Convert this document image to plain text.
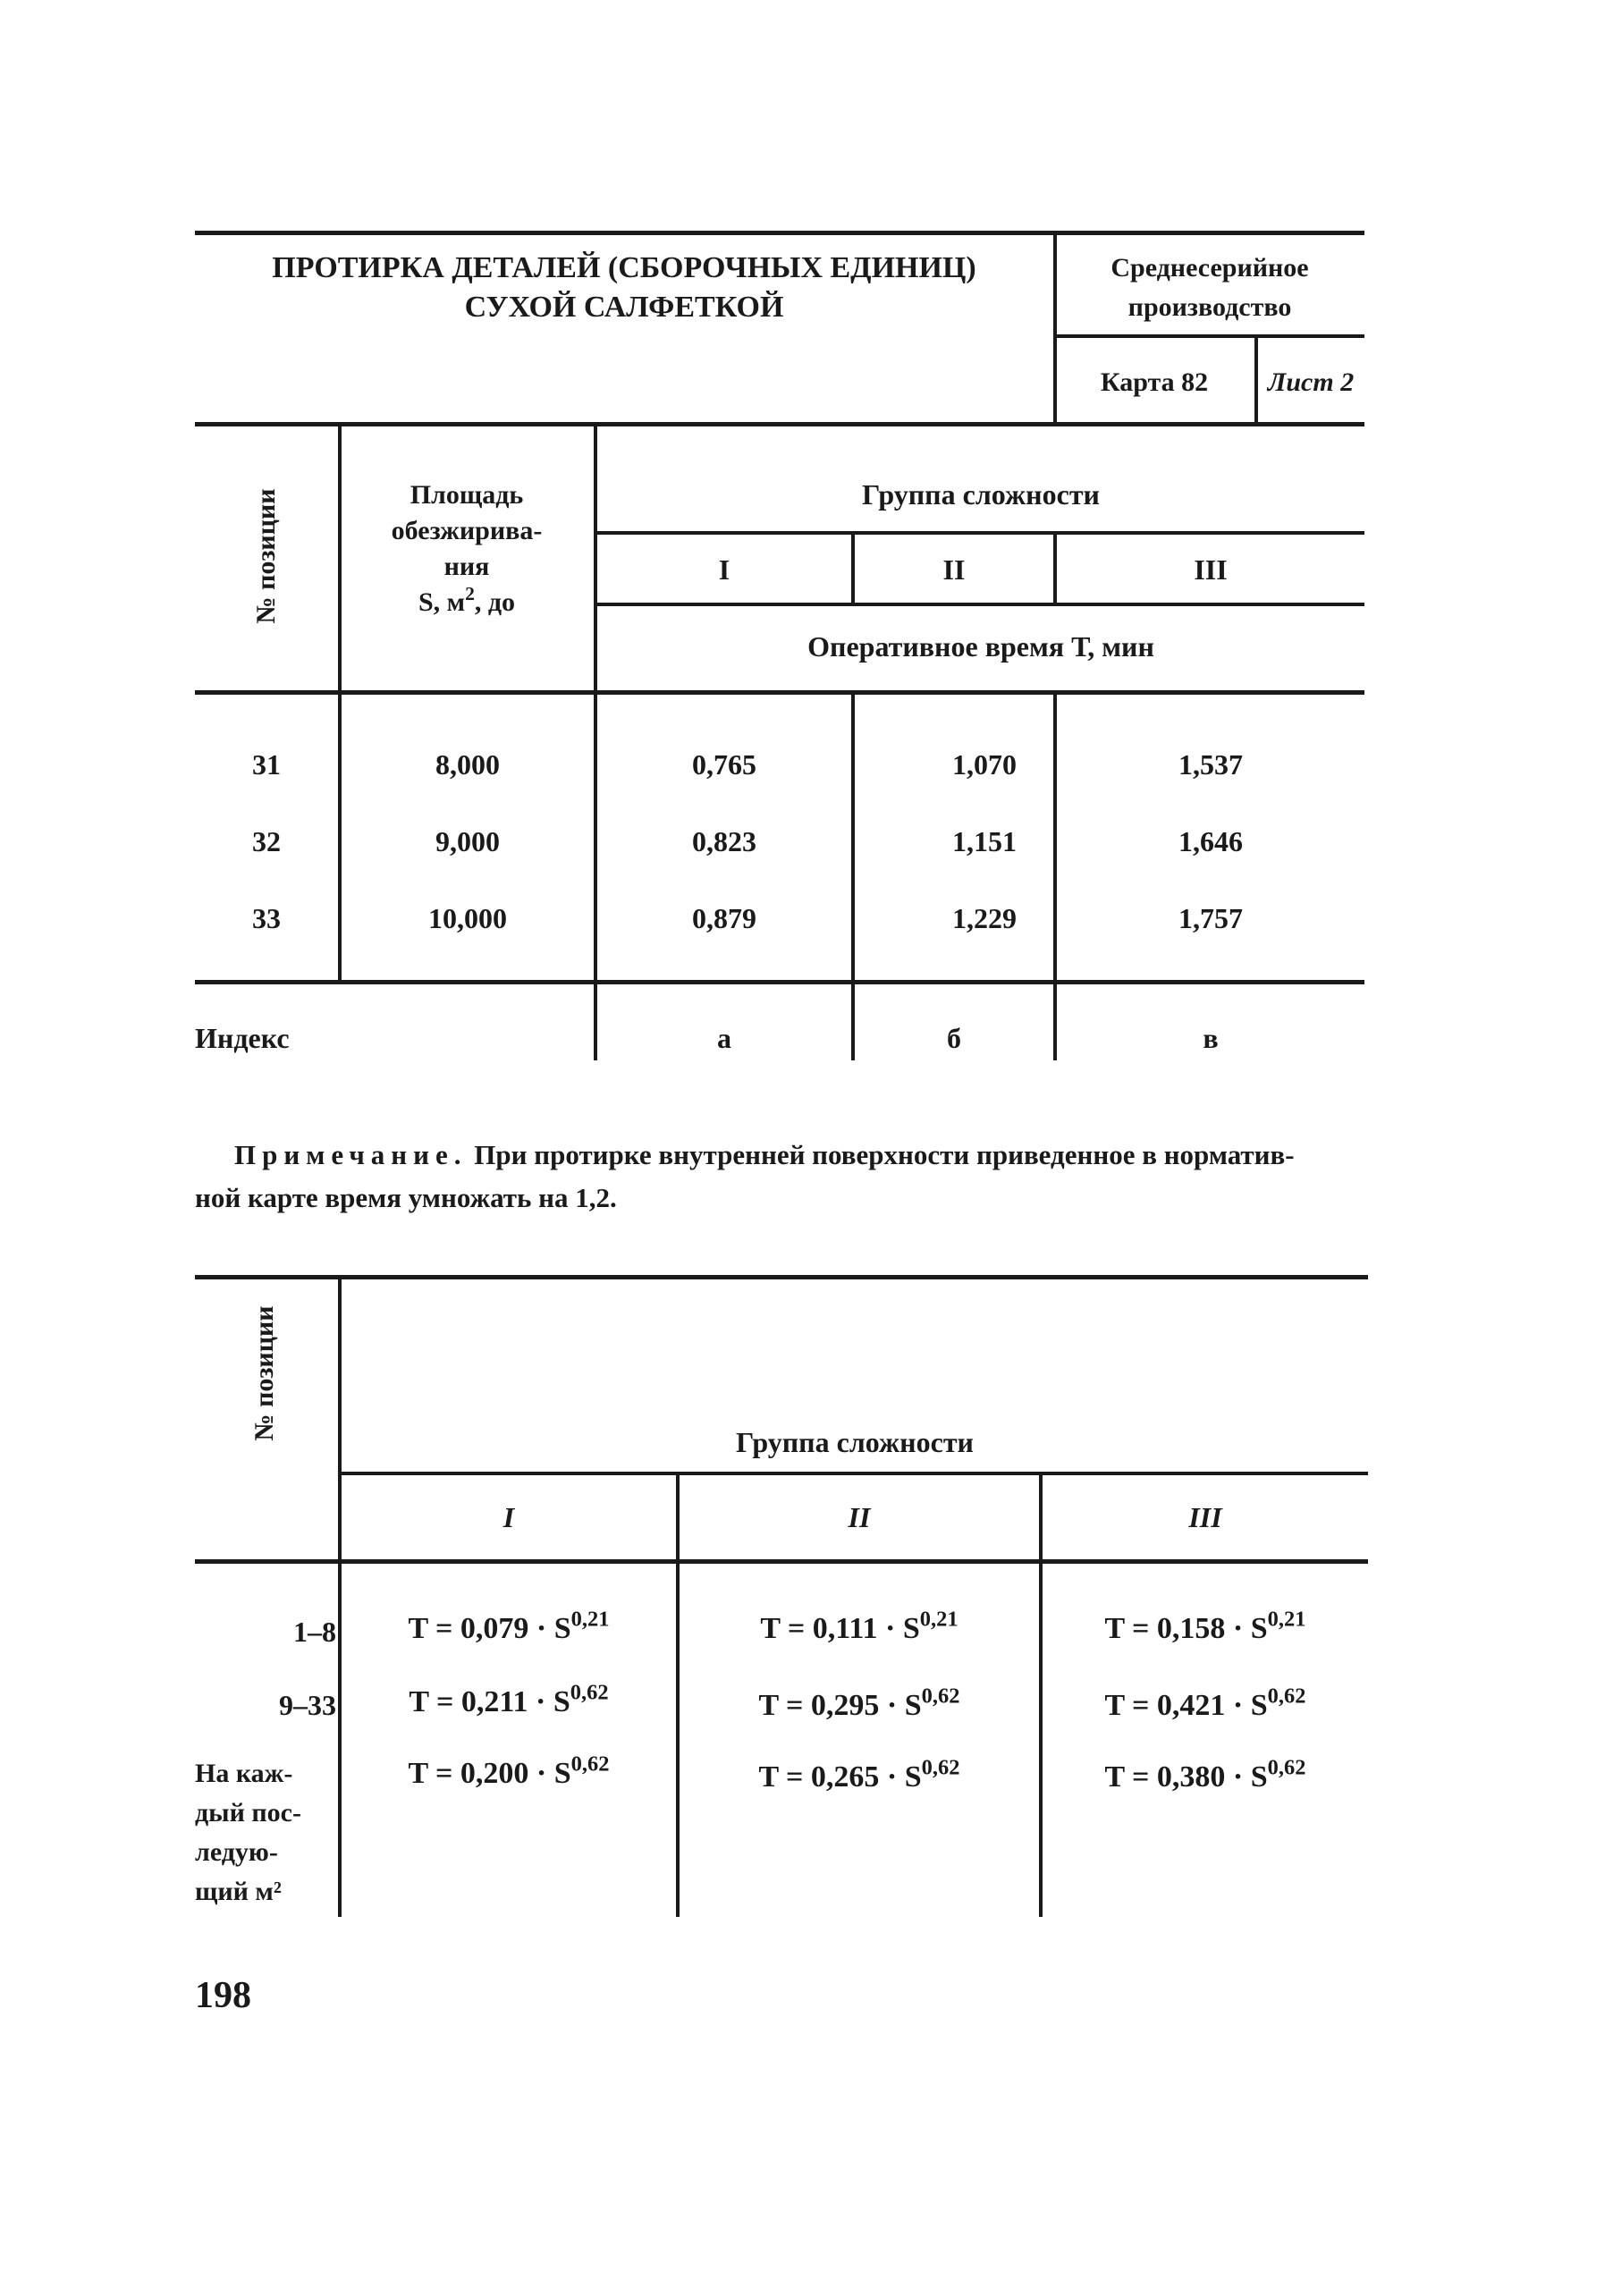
ПРОТИРКА ДЕТАЛЕЙ (СБОРОЧНЫХ ЕДИНИЦ)
СУХОЙ САЛФЕТКОЙ
Среднесерийное
производство
Карта 82	Лист 2
№ позиции	Площадь
обезжирива-
ния
S, $м^2$, до
Группа сложности
I	II	III
Оперативное время Т, мин
31	8,000	0,765	1,070	1,537
32	9,000	0,823	1,151	1,646
33	10,000	0,879	1,229	1,757
Индекс	а	б	в
Примечание. При протирке внутренней поверхности приведенное в норматив-
ной карте время умножать на 1,2.
№ позиции
Группа сложности
I	II	III
1–8	T = 0,079 · S$^{0,21}$	T = 0,111 · S$^{0,21}$	T = 0,158 · S$^{0,21}$
9–33	T = 0,211 · S$^{0,62}$	T = 0,295 · S$^{0,62}$	T = 0,421 · S$^{0,62}$
На каж-
дый пос-
ледую-
щий м²
T = 0,200 · S$^{0,62}$	T = 0,265 · S$^{0,62}$	T = 0,380 · S$^{0,62}$
198
